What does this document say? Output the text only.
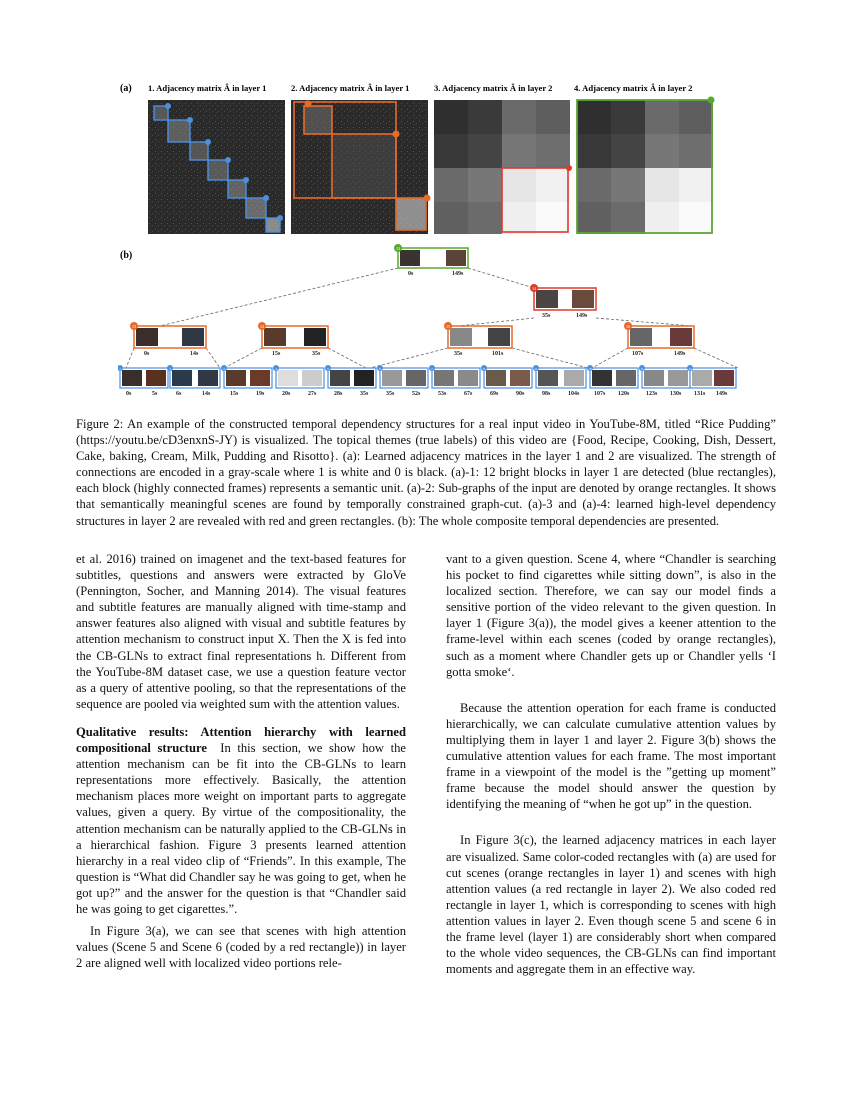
(a)
(b)
1. Adjacency matrix Â in layer 1	2. Adjacency matrix Â in layer 1	3. Adjacency matrix Â in layer 2	4. Adjacency matrix Â in layer 2
13
0s	149s
14
35s	149s
13
0s	14s
14
15s	35s
15
35s	101s
16
107s	149s
1
0s	5s
2
6s	14s
3
15s	19s
4
20s	27s
5
28s	35s
6
35s	52s
7
53s	67s
8
69s	90s
9
98s	104s
10
107s 120s
11
123s 130s
12
131s 149s
Figure 2: An example of the constructed temporal dependency structures for a real input video in YouTube-8M, titled “Rice Pudding” (https://youtu.be/cD3enxnS-JY) is visualized. The topical themes (true labels) of this video are {Food, Recipe, Cooking, Dish, Dessert, Cake, baking, Cream, Milk, Pudding and Risotto}. (a): Learned adjacency matrices in the layer 1 and 2 are visualized. The strength of connections are encoded in a gray-scale where 1 is white and 0 is black. (a)-1: 12 bright blocks in layer 1 are detected (blue rectangles), each block (highly connected frames) represents a semantic unit. (a)-2: Sub-graphs of the input are denoted by orange rectangles. It shows that semantically meaningful scenes are found by temporally constrained graph-cut. (a)-3 and (a)-4: learned high-level dependency structures in layer 2 are revealed with red and green rectangles. (b): The whole composite temporal dependencies are presented.

et al. 2016) trained on imagenet and the text-based features for subtitles, questions and answers were extracted by GloVe (Pennington, Socher, and Manning 2014). The visual features and subtitle features are manually aligned with time-stamp and answer features also aligned with visual and subtitle features by attention mechanism to construct input X. Then the X is fed into the CB-GLNs to extract final representations h. Different from the YouTube-8M dataset case, we use a question feature vector as a query of attentive pooling, so that the representations of the sequence are pooled via weighted sum with the attention values.

Qualitative results: Attention hierarchy with learned compositional structure In this section, we show how the attention mechanism can be fit into the CB-GLNs to learn representations more effectively. Basically, the attention mechanism places more weight on important parts to aggregate values, given a query. By virtue of the compositionality, the attention mechanism can be naturally applied to the CB-GLNs in a hierarchical fashion. Figure 3 presents learned attention hierarchy in a real video clip of “Friends”. In this example, The question is “What did Chandler say he was going to get, when he got up?” and the answer for the question is that “Chandler said he was going to get cigarettes.”.

In Figure 3(a), we can see that scenes with high attention values (Scene 5 and Scene 6 (coded by a red rectangle)) in layer 2 are aligned well with localized video portions rele-

vant to a given question. Scene 4, where “Chandler is searching his pocket to find cigarettes while sitting down”, is also in the localized section. Therefore, we can say our model finds a sensitive portion of the video relevant to the given question. In layer 1 (Figure 3(a)), the model gives a keener attention to the frame-level within each scenes (coded by orange rectangles), such as a moment where Chandler gets up or Chandler yells ‘I gotta smoke‘.

Because the attention operation for each frame is conducted hierarchically, we can calculate cumulative attention values by multiplying them in layer 1 and layer 2. Figure 3(b) shows the cumulative attention values for each frame. The most important frame in a viewpoint of the model is the ”getting up moment” frame because the model should answer the question by identifying the meaning of “when he got up” in the question.

In Figure 3(c), the learned adjacency matrices in each layer are visualized. Same color-coded rectangles with (a) are used for cut scenes (orange rectangles in layer 1) and scenes with high attention values (a red rectangle in layer 2). We also coded red rectangle in layer 1, which is corresponding to scenes with high attention values in layer 2. Even though scene 5 and scene 6 in the frame level (layer 1) are considerably short when compared to the whole video sequences, the CB-GLNs can find important moments and aggregate them in an effective way.
